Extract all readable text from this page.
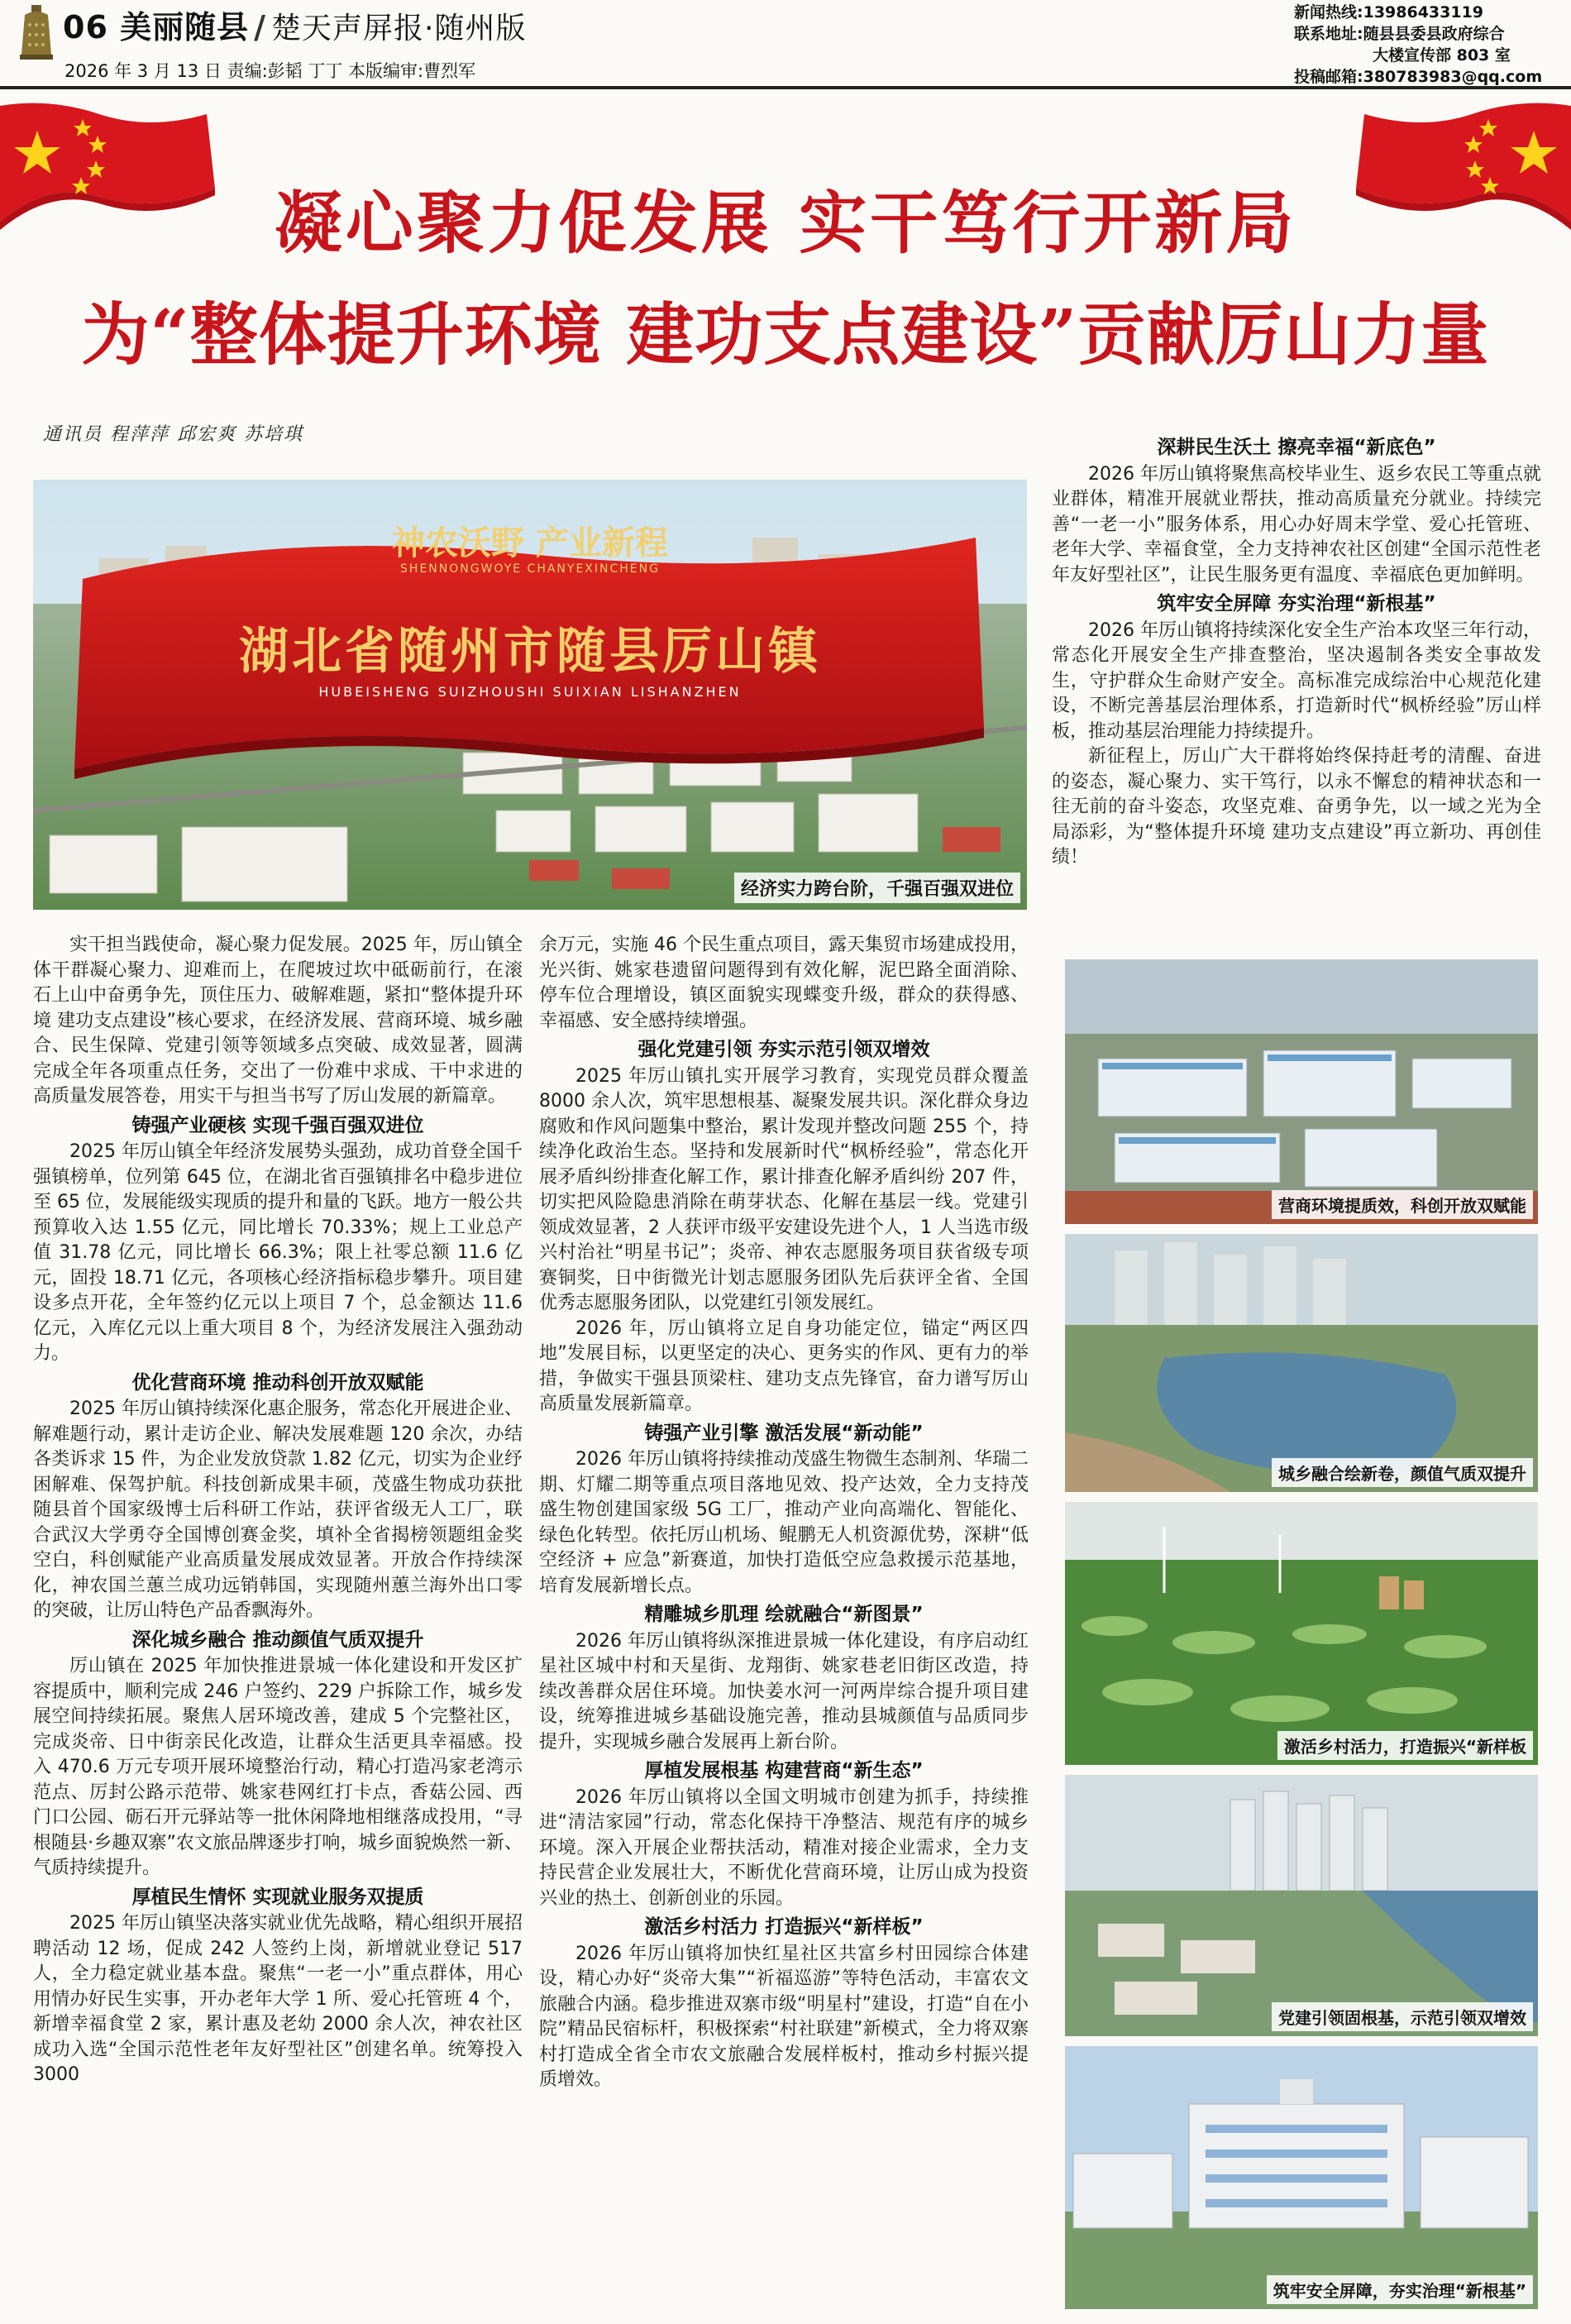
06 美丽随县 / 楚天声屏报·随州版
2026 年 3 月 13 日 责编:彭韬 丁丁 本版编审:曹烈军
新闻热线:13986433119
联系地址:随县县委县政府综合
大楼宣传部 803 室
投稿邮箱:380783983@qq.com
凝心聚力促发展 实干笃行开新局
为“整体提升环境 建功支点建设”贡献厉山力量
通讯员 程萍萍 邱宏爽 苏培琪
神农沃野 产业新程
SHENNONGWOYE CHANYEXINCHENG
湖北省随州市随县厉山镇
HUBEISHENG SUIZHOUSHI SUIXIAN LISHANZHEN
经济实力跨台阶，千强百强双进位

实干担当践使命，凝心聚力促发展。2025 年，厉山镇全体干群凝心聚力、迎难而上，在爬坡过坎中砥砺前行，在滚石上山中奋勇争先，顶住压力、破解难题，紧扣“整体提升环境 建功支点建设”核心要求，在经济发展、营商环境、城乡融合、民生保障、党建引领等领域多点突破、成效显著，圆满完成全年各项重点任务，交出了一份难中求成、干中求进的高质量发展答卷，用实干与担当书写了厉山发展的新篇章。

铸强产业硬核 实现千强百强双进位

2025 年厉山镇全年经济发展势头强劲，成功首登全国千强镇榜单，位列第 645 位，在湖北省百强镇排名中稳步进位至 65 位，发展能级实现质的提升和量的飞跃。地方一般公共预算收入达 1.55 亿元，同比增长 70.33%；规上工业总产值 31.78 亿元，同比增长 66.3%；限上社零总额 11.6 亿元，固投 18.71 亿元，各项核心经济指标稳步攀升。项目建设多点开花，全年签约亿元以上项目 7 个，总金额达 11.6 亿元，入库亿元以上重大项目 8 个，为经济发展注入强劲动力。

优化营商环境 推动科创开放双赋能

2025 年厉山镇持续深化惠企服务，常态化开展进企业、解难题行动，累计走访企业、解决发展难题 120 余次，办结各类诉求 15 件，为企业发放贷款 1.82 亿元，切实为企业纾困解难、保驾护航。科技创新成果丰硕，茂盛生物成功获批随县首个国家级博士后科研工作站，获评省级无人工厂，联合武汉大学勇夺全国博创赛金奖，填补全省揭榜领题组金奖空白，科创赋能产业高质量发展成效显著。开放合作持续深化，神农国兰蕙兰成功远销韩国，实现随州蕙兰海外出口零的突破，让厉山特色产品香飘海外。

深化城乡融合 推动颜值气质双提升

厉山镇在 2025 年加快推进景城一体化建设和开发区扩容提质中，顺利完成 246 户签约、229 户拆除工作，城乡发展空间持续拓展。聚焦人居环境改善，建成 5 个完整社区，完成炎帝、日中街亲民化改造，让群众生活更具幸福感。投入 470.6 万元专项开展环境整治行动，精心打造冯家老湾示范点、厉封公路示范带、姚家巷网红打卡点，香菇公园、西门口公园、砺石开元驿站等一批休闲降地相继落成投用，“寻根随县·乡趣双寨”农文旅品牌逐步打响，城乡面貌焕然一新、气质持续提升。

厚植民生情怀 实现就业服务双提质

2025 年厉山镇坚决落实就业优先战略，精心组织开展招聘活动 12 场，促成 242 人签约上岗，新增就业登记 517 人，全力稳定就业基本盘。聚焦“一老一小”重点群体，用心用情办好民生实事，开办老年大学 1 所、爱心托管班 4 个，新增幸福食堂 2 家，累计惠及老幼 2000 余人次，神农社区成功入选“全国示范性老年友好型社区”创建名单。统筹投入 3000

余万元，实施 46 个民生重点项目，露天集贸市场建成投用，光兴街、姚家巷遗留问题得到有效化解，泥巴路全面消除、停车位合理增设，镇区面貌实现蝶变升级，群众的获得感、幸福感、安全感持续增强。

强化党建引领 夯实示范引领双增效

2025 年厉山镇扎实开展学习教育，实现党员群众覆盖 8000 余人次，筑牢思想根基、凝聚发展共识。深化群众身边腐败和作风问题集中整治，累计发现并整改问题 255 个，持续净化政治生态。坚持和发展新时代“枫桥经验”，常态化开展矛盾纠纷排查化解工作，累计排查化解矛盾纠纷 207 件，切实把风险隐患消除在萌芽状态、化解在基层一线。党建引领成效显著，2 人获评市级平安建设先进个人，1 人当选市级兴村治社“明星书记”；炎帝、神农志愿服务项目获省级专项赛铜奖，日中街微光计划志愿服务团队先后获评全省、全国优秀志愿服务团队，以党建红引领发展红。

2026 年，厉山镇将立足自身功能定位，锚定“两区四地”发展目标，以更坚定的决心、更务实的作风、更有力的举措，争做实干强县顶梁柱、建功支点先锋官，奋力谱写厉山高质量发展新篇章。

铸强产业引擎 激活发展“新动能”

2026 年厉山镇将持续推动茂盛生物微生态制剂、华瑞二期、灯耀二期等重点项目落地见效、投产达效，全力支持茂盛生物创建国家级 5G 工厂，推动产业向高端化、智能化、绿色化转型。依托厉山机场、鲲鹏无人机资源优势，深耕“低空经济 + 应急”新赛道，加快打造低空应急救援示范基地，培育发展新增长点。

精雕城乡肌理 绘就融合“新图景”

2026 年厉山镇将纵深推进景城一体化建设，有序启动红星社区城中村和天星街、龙翔街、姚家巷老旧街区改造，持续改善群众居住环境。加快姜水河一河两岸综合提升项目建设，统筹推进城乡基础设施完善，推动县城颜值与品质同步提升，实现城乡融合发展再上新台阶。

厚植发展根基 构建营商“新生态”

2026 年厉山镇将以全国文明城市创建为抓手，持续推进“清洁家园”行动，常态化保持干净整洁、规范有序的城乡环境。深入开展企业帮扶活动，精准对接企业需求，全力支持民营企业发展壮大，不断优化营商环境，让厉山成为投资兴业的热土、创新创业的乐园。

激活乡村活力 打造振兴“新样板”

2026 年厉山镇将加快红星社区共富乡村田园综合体建设，精心办好“炎帝大集”“祈福巡游”等特色活动，丰富农文旅融合内涵。稳步推进双寨市级“明星村”建设，打造“自在小院”精品民宿标杆，积极探索“村社联建”新模式，全力将双寨村打造成全省全市农文旅融合发展样板村，推动乡村振兴提质增效。

深耕民生沃土 擦亮幸福“新底色”

2026 年厉山镇将聚焦高校毕业生、返乡农民工等重点就业群体，精准开展就业帮扶，推动高质量充分就业。持续完善“一老一小”服务体系，用心办好周末学堂、爱心托管班、老年大学、幸福食堂，全力支持神农社区创建“全国示范性老年友好型社区”，让民生服务更有温度、幸福底色更加鲜明。

筑牢安全屏障 夯实治理“新根基”

2026 年厉山镇将持续深化安全生产治本攻坚三年行动，常态化开展安全生产排查整治，坚决遏制各类安全事故发生，守护群众生命财产安全。高标准完成综治中心规范化建设，不断完善基层治理体系，打造新时代“枫桥经验”厉山样板，推动基层治理能力持续提升。

新征程上，厉山广大干群将始终保持赶考的清醒、奋进的姿态，凝心聚力、实干笃行，以永不懈怠的精神状态和一往无前的奋斗姿态，攻坚克难、奋勇争先，以一域之光为全局添彩，为“整体提升环境 建功支点建设”再立新功、再创佳绩！

营商环境提质效，科创开放双赋能
城乡融合绘新卷，颜值气质双提升
激活乡村活力，打造振兴“新样板
党建引领固根基，示范引领双增效
筑牢安全屏障，夯实治理“新根基”
